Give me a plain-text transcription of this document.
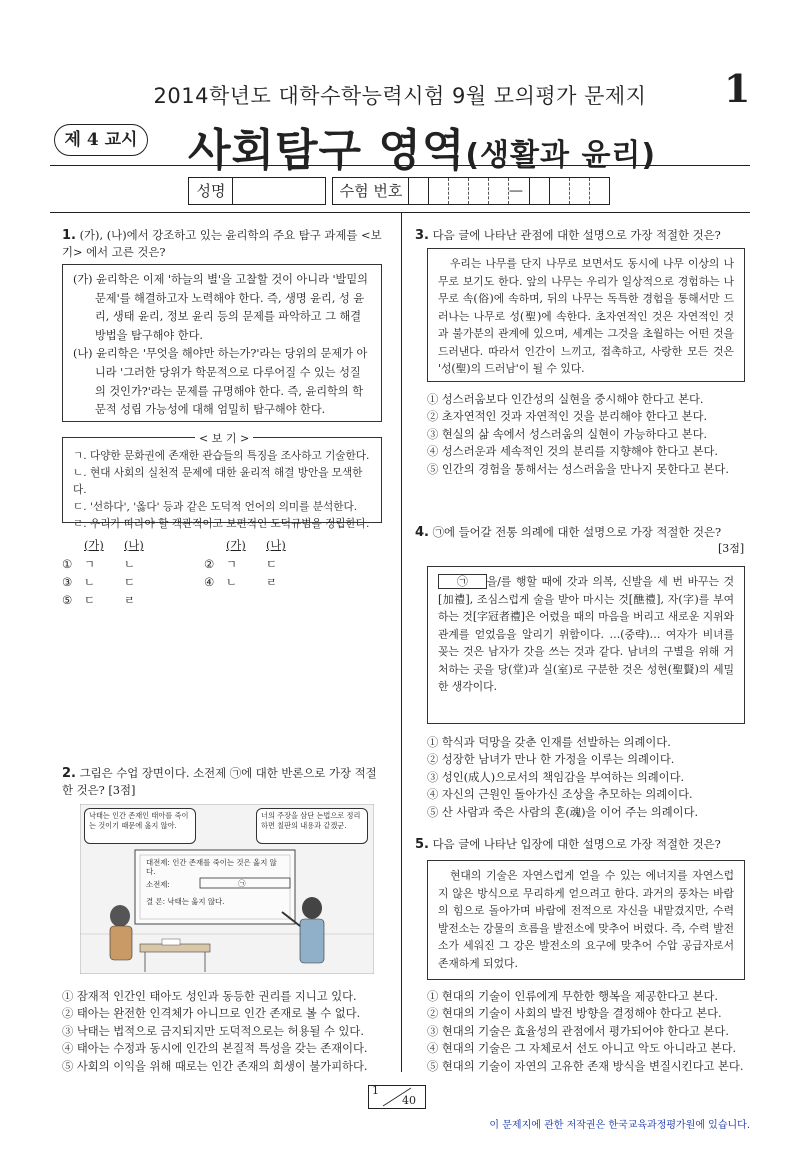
2014학년도 대학수학능력시험 9월 모의평가 문제지	1
제 4 교시 사회탐구 영역(생활과 윤리)
성명	수험 번호	—
1. (가), (나)에서 강조하고 있는 윤리학의 주요 탐구 과제를 <보기> 에서 고른 것은?
(가) 윤리학은 이제 '하늘의 별'을 고찰할 것이 아니라 '발밑의 문제'를 해결하고자 노력해야 한다. 즉, 생명 윤리, 성 윤리, 생태 윤리, 정보 윤리 등의 문제를 파악하고 그 해결 방법을 탐구해야 한다.
(나) 윤리학은 '무엇을 해야만 하는가?'라는 당위의 문제가 아니라 '그러한 당위가 학문적으로 다루어질 수 있는 성질의 것인가?'라는 문제를 규명해야 한다. 즉, 윤리학의 학문적 성립 가능성에 대해 엄밀히 탐구해야 한다.
ㄱ. 다양한 문화권에 존재한 관습들의 특징을 조사하고 기술한다.
ㄴ. 현대 사회의 실천적 문제에 대한 윤리적 해결 방안을 모색한다.
ㄷ. '선하다', '옳다' 등과 같은 도덕적 언어의 의미를 분석한다.
ㄹ. 우리가 따라야 할 객관적이고 보편적인 도덕규범을 정립한다.
< 보 기 >
(가)	(나)	(가)	(나)
①	ㄱ	ㄴ	②	ㄱ	ㄷ
③	ㄴ	ㄷ	④	ㄴ	ㄹ
⑤	ㄷ	ㄹ
2. 그림은 수업 장면이다. 소전제 ㉠에 대한 반론으로 가장 적절한 것은? [3점]
낙태는 인간 존재인 태아를 죽이는 것이기 때문에 옳지 않아.
너의 주장을 삼단 논법으로 정리하면 칠판의 내용과 같겠군.
대전제: 인간 존재를 죽이는 것은 옳지 않다.
소전제:	㉠
결 론: 낙태는 옳지 않다.
① 잠재적 인간인 태아도 성인과 동등한 권리를 지니고 있다.
② 태아는 완전한 인격체가 아니므로 인간 존재로 볼 수 없다.
③ 낙태는 법적으로 금지되지만 도덕적으로는 허용될 수 있다.
④ 태아는 수정과 동시에 인간의 본질적 특성을 갖는 존재이다.
⑤ 사회의 이익을 위해 때로는 인간 존재의 희생이 불가피하다.
3. 다음 글에 나타난 관점에 대한 설명으로 가장 적절한 것은?
우리는 나무를 단지 나무로 보면서도 동시에 나무 이상의 나무로 보기도 한다. 앞의 나무는 우리가 일상적으로 경험하는 나무로 속(俗)에 속하며, 뒤의 나무는 독특한 경험을 통해서만 드러나는 나무로 성(聖)에 속한다. 초자연적인 것은 자연적인 것과 불가분의 관계에 있으며, 세계는 그것을 초월하는 어떤 것을 드러낸다. 따라서 인간이 느끼고, 접촉하고, 사랑한 모든 것은 '성(聖)의 드러남'이 될 수 있다.
① 성스러움보다 인간성의 실현을 중시해야 한다고 본다.
② 초자연적인 것과 자연적인 것을 분리해야 한다고 본다.
③ 현실의 삶 속에서 성스러움의 실현이 가능하다고 본다.
④ 성스러운과 세속적인 것의 분리를 지향해야 한다고 본다.
⑤ 인간의 경험을 통해서는 성스러움을 만나지 못한다고 본다.
4. ㉠에 들어갈 전통 의례에 대한 설명으로 가장 적절한 것은?
[3점]
㉠ 을/를 행할 때에 갓과 의복, 신발을 세 번 바꾸는 것[加禮], 조심스럽게 술을 받아 마시는 것[醮禮], 자(字)를 부여하는 것[字冠者禮]은 어렸을 때의 마음을 버리고 새로운 지위와 관계를 얻었음을 알리기 위함이다. …(중략)… 여자가 비녀를 꽂는 것은 남자가 갓을 쓰는 것과 같다. 남녀의 구별을 위해 거처하는 곳을 당(堂)과 실(室)로 구분한 것은 성현(聖賢)의 세밀한 생각이다.
① 학식과 덕망을 갖춘 인재를 선발하는 의례이다.
② 성장한 남녀가 만나 한 가정을 이루는 의례이다.
③ 성인(成人)으로서의 책임감을 부여하는 의례이다.
④ 자신의 근원인 돌아가신 조상을 추모하는 의례이다.
⑤ 산 사람과 죽은 사람의 혼(魂)을 이어 주는 의례이다.
5. 다음 글에 나타난 입장에 대한 설명으로 가장 적절한 것은?
현대의 기술은 자연스럽게 얻을 수 있는 에너지를 자연스럽지 않은 방식으로 무리하게 얻으려고 한다. 과거의 풍차는 바람의 힘으로 돌아가며 바람에 전적으로 자신을 내맡겼지만, 수력 발전소는 강물의 흐름을 발전소에 맞추어 버렸다. 즉, 수력 발전소가 세워진 그 강은 발전소의 요구에 맞추어 수압 공급자로서 존재하게 되었다.
① 현대의 기술이 인류에게 무한한 행복을 제공한다고 본다.
② 현대의 기술이 사회의 발전 방향을 결정해야 한다고 본다.
③ 현대의 기술은 효율성의 관점에서 평가되어야 한다고 본다.
④ 현대의 기술은 그 자체로서 선도 아니고 악도 아니라고 본다.
⑤ 현대의 기술이 자연의 고유한 존재 방식을 변질시킨다고 본다.
1
40
이 문제지에 관한 저작권은 한국교육과정평가원에 있습니다.
